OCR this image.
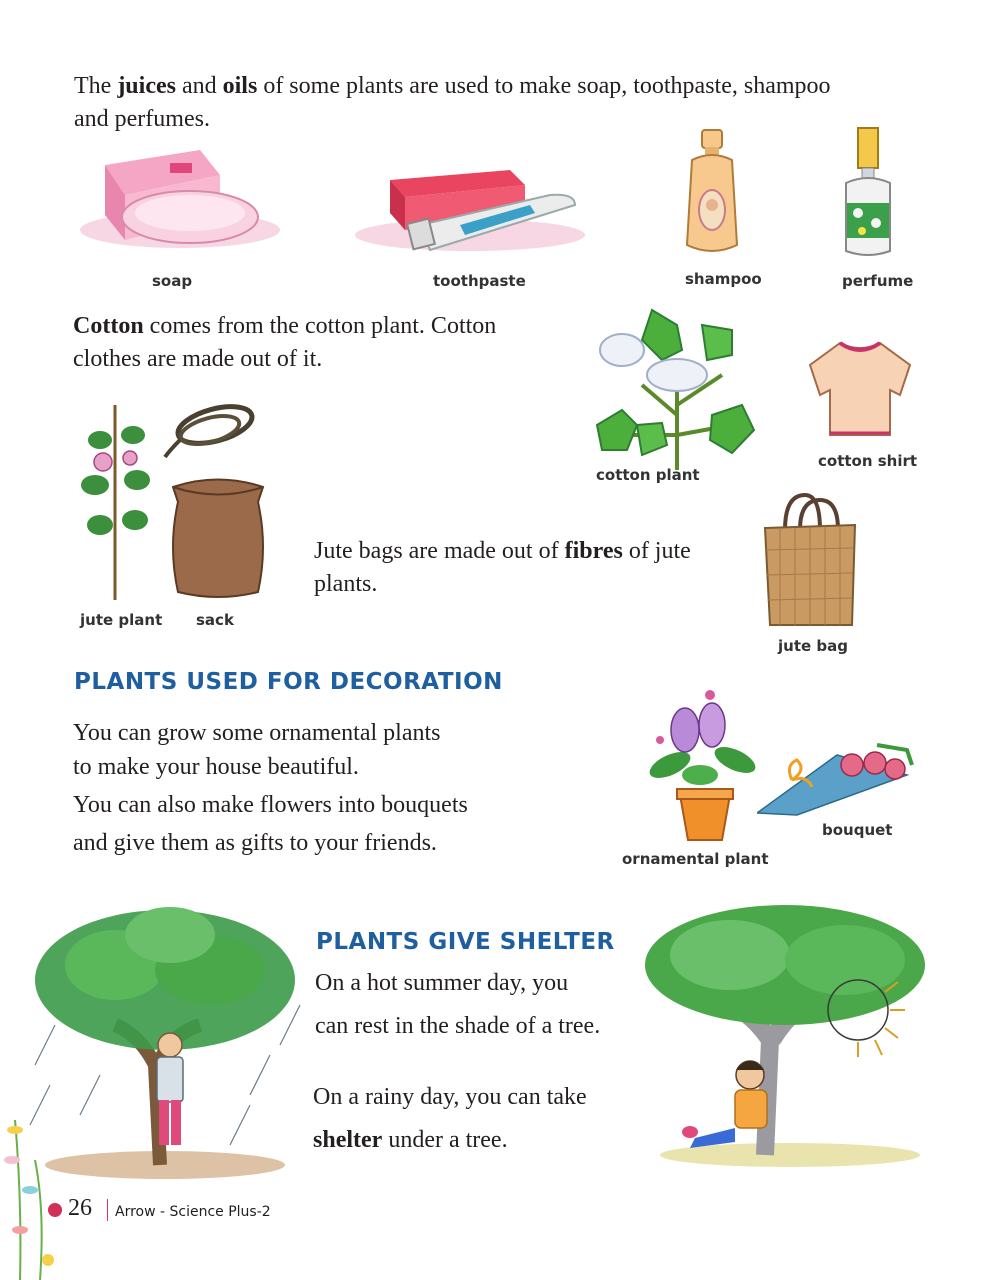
The juices and oils of some plants are used to make soap, toothpaste, shampoo
and perfumes.
soap	toothpaste	shampoo	perfume
Cotton comes from the cotton plant. Cotton
clothes are made out of it.
cotton plant
cotton shirt
jute plant sack
Jute bags are made out of fibres of jute
plants.
jute bag
PLANTS USED FOR DECORATION
You can grow some ornamental plants
to make your house beautiful.
You can also make flowers into bouquets
and give them as gifts to your friends.
ornamental plant
bouquet
PLANTS GIVE SHELTER
On a hot summer day, you
can rest in the shade of a tree.
On a rainy day, you can take
shelter under a tree.
26 Arrow - Science Plus-2
